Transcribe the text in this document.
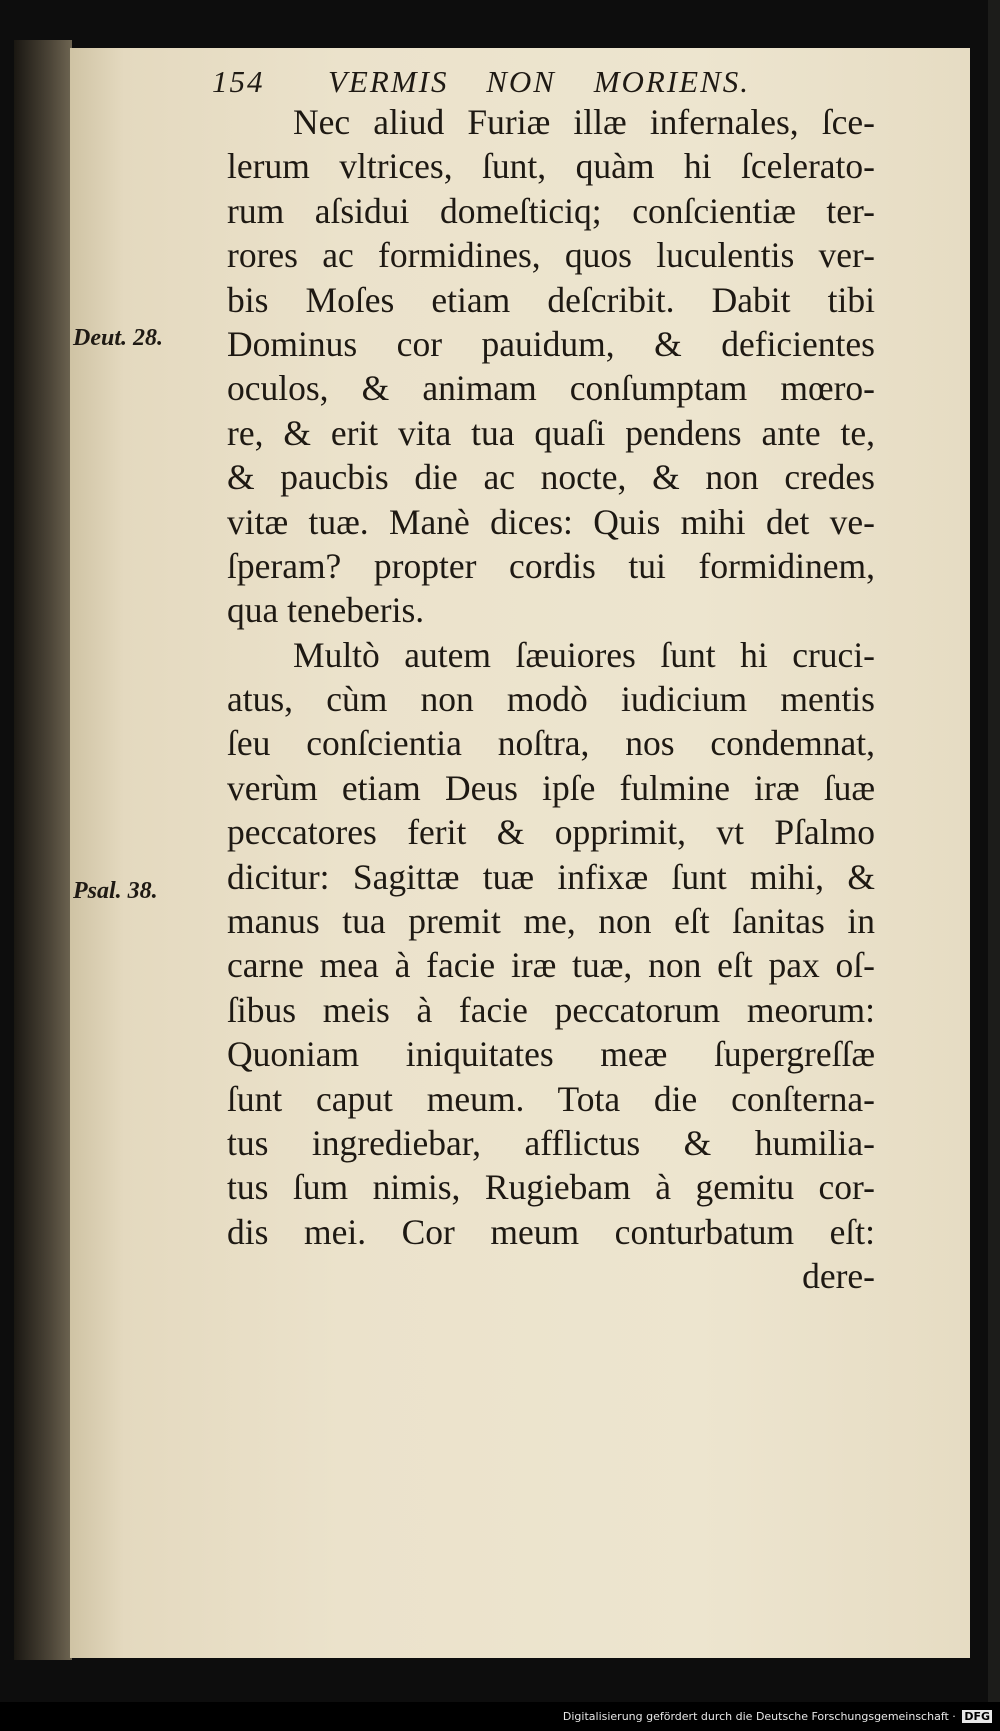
154 VERMIS NON MORIENS.
Deut. 28.
Psal. 38.
Nec aliud Furiæ illæ infernales, ſce-
lerum vltrices, ſunt, quàm hi ſcelerato-
rum aſsidui domeſticiq; conſcientiæ ter-
rores ac formidines, quos luculentis ver-
bis Moſes etiam deſcribit. Dabit tibi
Dominus cor pauidum, & deficientes
oculos, & animam conſumptam mœro-
re, & erit vita tua quaſi pendens ante te,
& paucbis die ac nocte, & non credes
vitæ tuæ. Manè dices: Quis mihi det ve-
ſperam? propter cordis tui formidinem,
qua teneberis.
Multò autem ſæuiores ſunt hi cruci-
atus, cùm non modò iudicium mentis
ſeu conſcientia noſtra, nos condemnat,
verùm etiam Deus ipſe fulmine iræ ſuæ
peccatores ferit & opprimit, vt Pſalmo
dicitur: Sagittæ tuæ infixæ ſunt mihi, &
manus tua premit me, non eſt ſanitas in
carne mea à facie iræ tuæ, non eſt pax oſ-
ſibus meis à facie peccatorum meorum:
Quoniam iniquitates meæ ſupergreſſæ
ſunt caput meum. Tota die conſterna-
tus ingrediebar, afflictus & humilia-
tus ſum nimis, Rugiebam à gemitu cor-
dis mei. Cor meum conturbatum eſt:
dere-
Digitalisierung gefördert durch die Deutsche Forschungsgemeinschaft · DFG
